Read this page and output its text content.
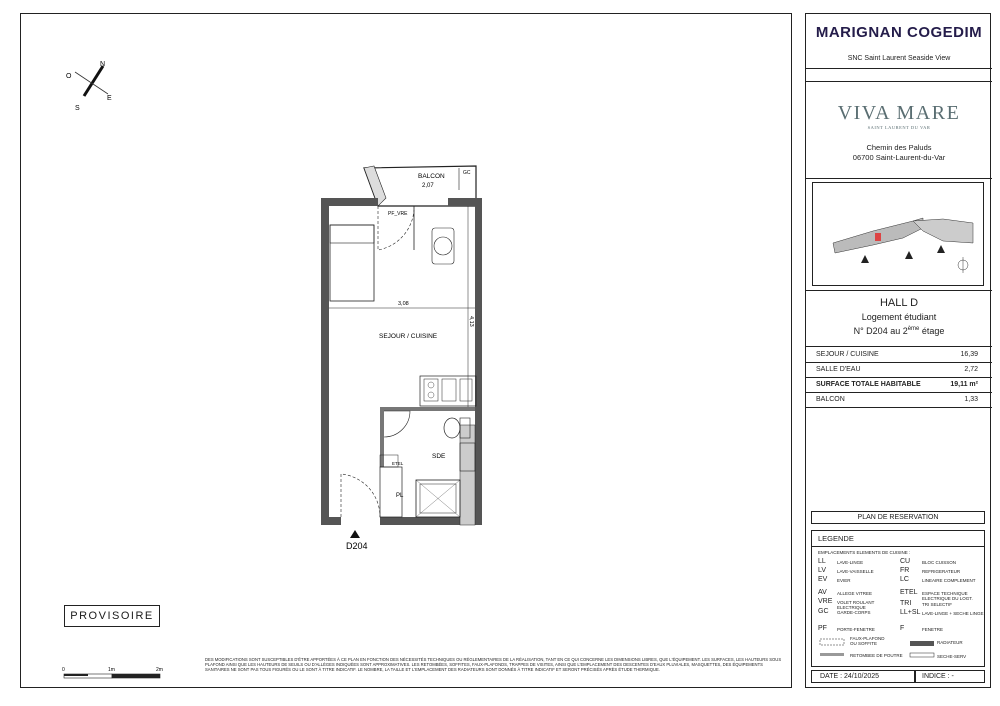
N
E
S
O
BALCON
2,07
GC
PF_VRE
3,08
4,13
SEJOUR / CUISINE
PL
ETEL
SDE
D204
0	1m	2m
PROVISOIRE
DES MODIFICATIONS SONT SUSCEPTIBLES D'ÊTRE APPORTÉES À CE PLAN EN FONCTION DES NÉCESSITÉS TECHNIQUES OU RÉGLEMENTAIRES DE LA RÉALISATION, TANT EN CE QUI CONCERNE LES DIMENSIONS LIBRES, QUE L'ÉQUIPEMENT. LES SURFACES, LES HAUTEURS SOUS PLAFOND AINSI QUE LES HAUTEURS DE SEUILS OU D'ALLÈGES INDIQUÉES SONT APPROXIMATIVES. LES RETOMBÉES, SOFFITES, FAUX-PLAFONDS, TRAPPES DE VISITES, AINSI QUE L'EMPLACEMENT DES DESCENTES D'EAUX PLUVIALES, MASQUETTES, DES ÉQUIPEMENTS SANITAIRES NE SONT PAS TOUS FIGURÉS OU LE SONT À TITRE INDICATIF. LE NOMBRE, LA TAILLE ET L'EMPLACEMENT DES RADIATEURS SONT DONNÉS À TITRE INDICATIF ET SERONT PRÉCISÉS APRÈS ÉTUDE THERMIQUE.
MARIGNAN COGEDIM
SNC Saint Laurent Seaside View
VIVA MARE
SAINT LAURENT DU VAR
Chemin des Paluds
06700 Saint-Laurent-du-Var
HALL D
Logement étudiant
N° D204 au 2ème étage
SEJOUR / CUISINE	16,39
SALLE D'EAU	2,72
SURFACE TOTALE HABITABLE	19,11 m²
BALCON	1,33
PLAN DE RESERVATION
LEGENDE
EMPLACEMENTS ELEMENTS DE CUISINE :
LL LAVE-LINGE
LV LAVE-VAISSELLE
EV EVIER
AV ALLEGE VITREE
VRE VOLET ROULANT ELECTRIQUE
GC GARDE-CORPS
PF PORTE-FENETRE
CU	BLOC CUISSON
FR	REFRIGERATEUR
LC	LINEAIRE COMPLEMENT
ETEL ESPACE TECHNIQUE ELECTRIQUE DU LOGT.
TRI TRI SELECTIF
LL+SL LAVE-LINGE + SECHE LINGE
F	FENETRE
FAUX-PLAFOND OU SOFFITE	RADIATEUR
RETOMBEE DE POUTRE	SECHE-SERV
DATE : 24/10/2025	INDICE : -
